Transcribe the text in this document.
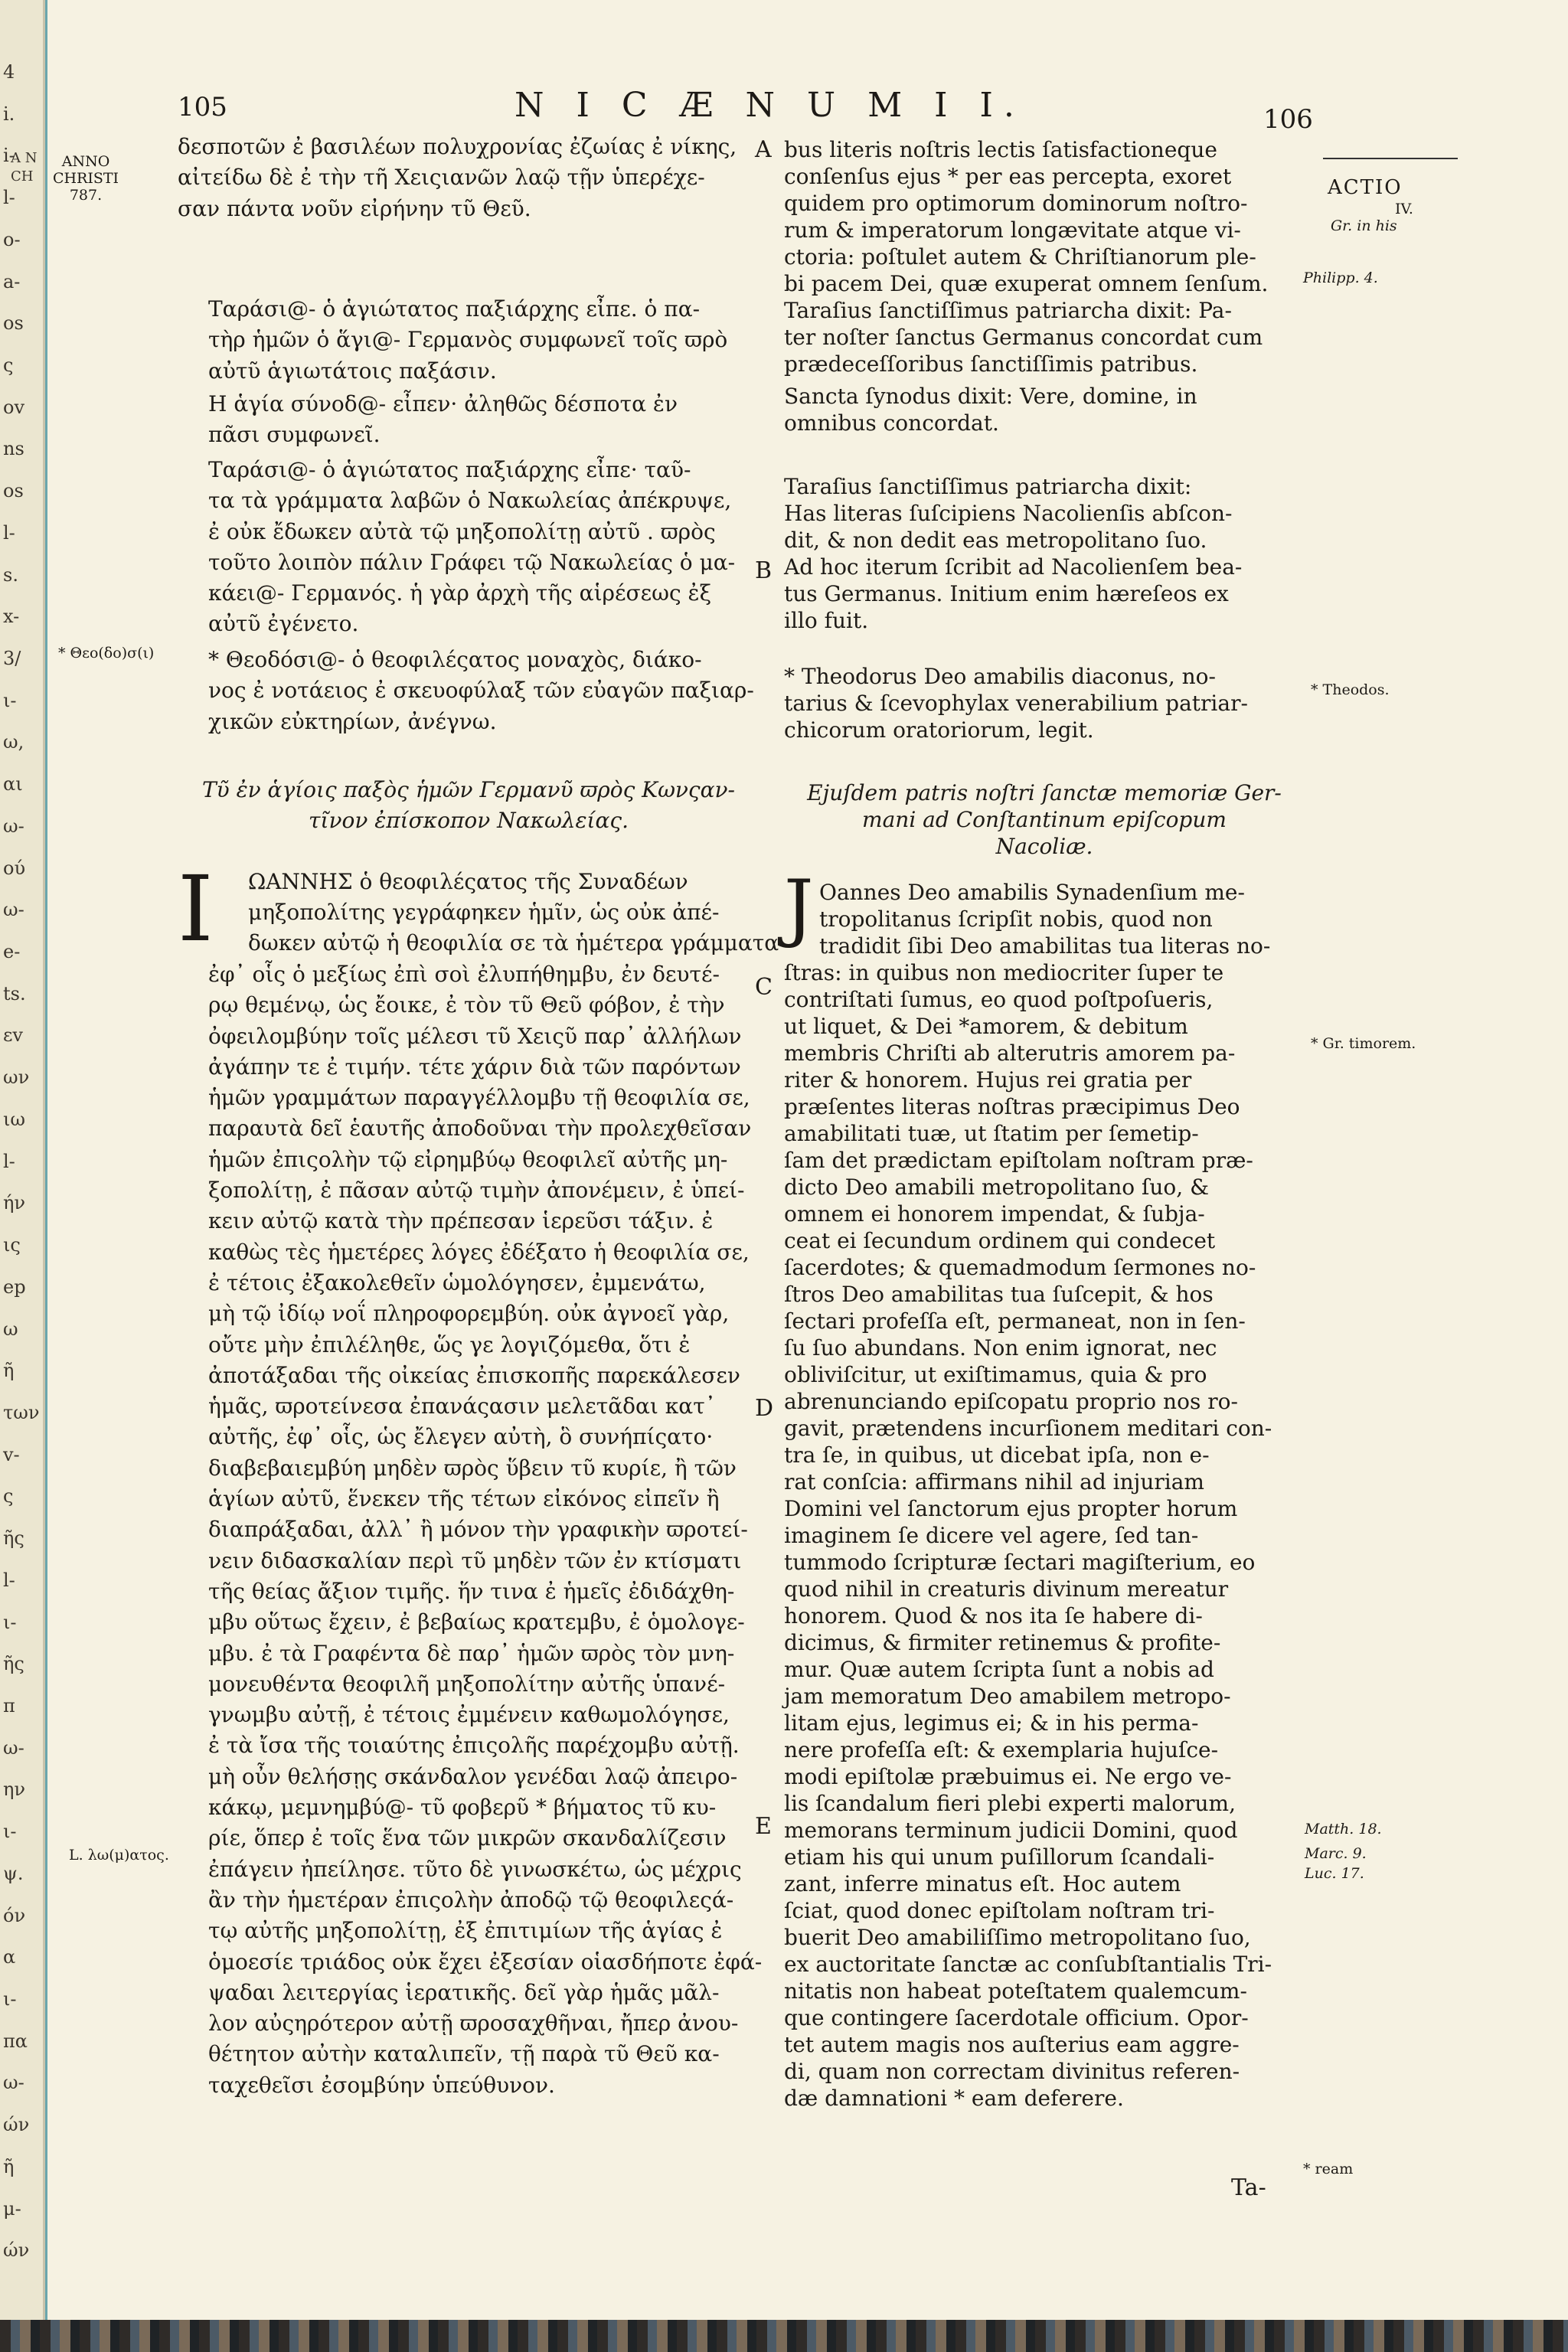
4
i.
i-
l-
o-
a-
os
ς
ov
ns
os
l-
s.
x-
3/
ι-
ω,
αι
ω-
ού
ω-
e-
ts.
εv
ων
ιω
l-
ήν
ις
ep
ω
ῆ
των
v-
ς
ῆς
l-
ι-
ῆς
π
ω-
ην
ι-
ψ.
όν
α
ι-
πα
ω-
ών
ῆ
μ-
ών
A N
CH
105	N I C Æ N U M I I.	106
ANNO
CHRISTI
787.
* Θεο(δο)σ(ι)
L. λω(μ)ατος.
ACTIO
IV.
Gr. in his
Philipp. 4.
* Theodos.
* Gr. timorem.
Matth. 18.
Marc. 9.
Luc. 17.
* ream
A
B
C
D
E
δεσποτῶν ἐ βασιλέων πολυχρονίας ἐζωίας ἐ νίκης,
αἰτείδω δὲ ἐ τὴν τῆ Χειςιανῶν λαῷ τῇν ὑπερέχε-
σαν πάντα νοῦν εἰρήνην τῦ Θεῦ.
Ταράσι@- ὁ ἁγιώτατος παξιάρχης εἶπε. ὁ πα-
τὴρ ἡμῶν ὁ ἅγι@- Γερμανὸς συμφωνεῖ τοῖς ϖρὸ
αὐτῦ ἁγιωτάτοις παξάσιν.
Η ἁγία σύνοδ@- εἶπεν· ἀληθῶς δέσποτα ἐν
πᾶσι συμφωνεῖ.
Ταράσι@- ὁ ἁγιώτατος παξιάρχης εἶπε· ταῦ-
τα τὰ γράμματα λαβῶν ὁ Νακωλείας ἀπέκρυψε,
ἐ οὐκ ἔδωκεν αὐτὰ τῷ μηξοπολίτῃ αὐτῦ . ϖρὸς
τοῦτο λοιπὸν πάλιν Γράφει τῷ Νακωλείας ὁ μα-
κάει@- Γερμανός. ἡ γὰρ ἀρχὴ τῆς αἱρέσεως ἐξ
αὐτῦ ἐγένετο.
* Θεοδόσι@- ὁ θεοφιλέςατος μοναχὸς, διάκο-
νος ἐ νοτάειος ἐ σκευοφύλαξ τῶν εὐαγῶν παξιαρ-
χικῶν εὐκτηρίων, ἀνέγνω.
Τῦ ἐν ἁγίοις παξὸς ἡμῶν Γερμανῦ ϖρὸς Κωνςαν-
τῖνον ἐπίσκοπον Νακωλείας.
Ι ΩΑΝΝΗΣ ὁ θεοφιλέςατος τῆς Συναδέων
μηξοπολίτης γεγράφηκεν ἡμῖν, ὡς οὐκ ἀπέ-
δωκεν αὐτῷ ἡ θεοφιλία σε τὰ ἡμέτερα γράμματα·
ἐφ᾽ οἷς ὁ μεξίως ἐπὶ σοὶ ἐλυπήθημβυ, ἐν δευτέ-
ρῳ θεμένῳ, ὡς ἔοικε, ἐ τὸν τῦ Θεῦ φόβον, ἐ τὴν
ὀφειλομβύην τοῖς μέλεσι τῦ Χειςῦ παρ᾽ ἀλλήλων
ἀγάπην τε ἐ τιμήν. τέτε χάριν διὰ τῶν παρόντων
ἡμῶν γραμμάτων παραγγέλλομβυ τῇ θεοφιλία σε,
παραυτὰ δεῖ ἑαυτῆς ἀποδοῦναι τὴν προλεχθεῖσαν
ἡμῶν ἐπιςολὴν τῷ εἰρημβύῳ θεοφιλεῖ αὐτῆς μη-
ξοπολίτῃ, ἐ πᾶσαν αὐτῷ τιμὴν ἀπονέμειν, ἐ ὑπεί-
κειν αὐτῷ κατὰ τὴν πρέπεσαν ἱερεῦσι τάξιν. ἐ
καθὼς τὲς ἡμετέρες λόγες ἐδέξατο ἡ θεοφιλία σε,
ἐ τέτοις ἐξακολεθεῖν ὡμολόγησεν, ἐμμενάτω,
μὴ τῷ ἰδίῳ νοΐ πληροφορεμβύη. οὐκ ἀγνοεῖ γὰρ,
οὔτε μὴν ἐπιλέληθε, ὥς γε λογιζόμεθα, ὅτι ἐ
ἀποτάξαδαι τῆς οἰκείας ἐπισκοπῆς παρεκάλεσεν
ἡμᾶς, ϖροτείνεσα ἐπανάςασιν μελετᾶδαι κατ᾽
αὐτῆς, ἐφ᾽ οἷς, ὡς ἔλεγεν αὐτὴ, ὃ συνήπίςατο·
διαβεβαιεμβύη μηδὲν ϖρὸς ὕβειν τῦ κυρίε, ἢ τῶν
ἁγίων αὐτῦ, ἕνεκεν τῆς τέτων εἰκόνος εἰπεῖν ἢ
διαπράξαδαι, ἀλλ᾽ ἢ μόνον τὴν γραφικὴν ϖροτεί-
νειν διδασκαλίαν περὶ τῦ μηδὲν τῶν ἐν κτίσματι
τῆς θείας ἄξιον τιμῆς. ἥν τινα ἐ ἡμεῖς ἐδιδάχθη-
μβυ οὕτως ἔχειν, ἐ βεβαίως κρατεμβυ, ἐ ὁμολογε-
μβυ. ἐ τὰ Γραφέντα δὲ παρ᾽ ἡμῶν ϖρὸς τὸν μνη-
μονευθέντα θεοφιλῆ μηξοπολίτην αὐτῆς ὑπανέ-
γνωμβυ αὐτῇ, ἐ τέτοις ἐμμένειν καθωμολόγησε,
ἐ τὰ ἴσα τῆς τοιαύτης ἐπιςολῆς παρέχομβυ αὐτῇ.
μὴ οὖν θελήσῃς σκάνδαλον γενέδαι λαῷ ἀπειρο-
κάκῳ, μεμνημβύ@- τῦ φοβερῦ * βήματος τῦ κυ-
ρίε, ὅπερ ἐ τοῖς ἕνα τῶν μικρῶν σκανδαλίζεσιν
ἐπάγειν ἠπείλησε. τῦτο δὲ γινωσκέτω, ὡς μέχρις
ἂν τὴν ἡμετέραν ἐπιςολὴν ἀποδῷ τῷ θεοφιλεςά-
τῳ αὐτῆς μηξοπολίτῃ, ἐξ ἐπιτιμίων τῆς ἁγίας ἐ
ὁμοεσίε τριάδος οὐκ ἔχει ἐξεσίαν οἱασδήποτε ἐφά-
ψαδαι λειτεργίας ἱερατικῆς. δεῖ γὰρ ἡμᾶς μᾶλ-
λον αὐςηρότερον αὐτῇ ϖροσαχθῆναι, ἤπερ ἀνου-
θέτητον αὐτὴν καταλιπεῖν, τῇ παρὰ τῦ Θεῦ κα-
ταχεθεῖσι ἐσομβύην ὑπεύθυνον.
bus literis noſtris lectis ſatisfactioneque
conſenſus ejus * per eas percepta, exoret
quidem pro optimorum dominorum noſtro-
rum & imperatorum longævitate atque vi-
ctoria: poſtulet autem & Chriſtianorum ple-
bi pacem Dei, quæ exuperat omnem ſenſum.
Taraſius ſanctiſſimus patriarcha dixit: Pa-
ter noſter ſanctus Germanus concordat cum
prædeceſſoribus ſanctiſſimis patribus.
Sancta ſynodus dixit: Vere, domine, in
omnibus concordat.
Taraſius ſanctiſſimus patriarcha dixit:
Has literas ſuſcipiens Nacolienſis abſcon-
dit, & non dedit eas metropolitano ſuo.
Ad hoc iterum ſcribit ad Nacolienſem bea-
tus Germanus. Initium enim hæreſeos ex
illo fuit.
* Theodorus Deo amabilis diaconus, no-
tarius & ſcevophylax venerabilium patriar-
chicorum oratoriorum, legit.
Ejuſdem patris noſtri ſanctæ memoriæ Ger-
mani ad Conſtantinum epiſcopum
Nacoliæ.
J Oannes Deo amabilis Synadenſium me-
tropolitanus ſcripſit nobis, quod non
tradidit ſibi Deo amabilitas tua literas no-
ſtras: in quibus non mediocriter ſuper te
contriſtati ſumus, eo quod poſtpoſueris,
ut liquet, & Dei *amorem, & debitum
membris Chriſti ab alterutris amorem pa-
riter & honorem. Hujus rei gratia per
præſentes literas noſtras præcipimus Deo
amabilitati tuæ, ut ſtatim per ſemetip-
ſam det prædictam epiſtolam noſtram præ-
dicto Deo amabili metropolitano ſuo, &
omnem ei honorem impendat, & ſubja-
ceat ei ſecundum ordinem qui condecet
ſacerdotes; & quemadmodum ſermones no-
ſtros Deo amabilitas tua ſuſcepit, & hos
ſectari profeſſa eſt, permaneat, non in ſen-
ſu ſuo abundans. Non enim ignorat, nec
obliviſcitur, ut exiſtimamus, quia & pro
abrenunciando epiſcopatu proprio nos ro-
gavit, prætendens incurſionem meditari con-
tra ſe, in quibus, ut dicebat ipſa, non e-
rat conſcia: affirmans nihil ad injuriam
Domini vel ſanctorum ejus propter horum
imaginem ſe dicere vel agere, ſed tan-
tummodo ſcripturæ ſectari magiſterium, eo
quod nihil in creaturis divinum mereatur
honorem. Quod & nos ita ſe habere di-
dicimus, & firmiter retinemus & profite-
mur. Quæ autem ſcripta ſunt a nobis ad
jam memoratum Deo amabilem metropo-
litam ejus, legimus ei; & in his perma-
nere profeſſa eſt: & exemplaria hujuſce-
modi epiſtolæ præbuimus ei. Ne ergo ve-
lis ſcandalum fieri plebi experti malorum,
memorans terminum judicii Domini, quod
etiam his qui unum puſillorum ſcandali-
zant, inferre minatus eſt. Hoc autem
ſciat, quod donec epiſtolam noſtram tri-
buerit Deo amabiliſſimo metropolitano ſuo,
ex auctoritate ſanctæ ac conſubſtantialis Tri-
nitatis non habeat poteſtatem qualemcum-
que contingere ſacerdotale officium. Opor-
tet autem magis nos auſterius eam aggre-
di, quam non correctam divinitus referen-
dæ damnationi * eam deferere.
Ta-
